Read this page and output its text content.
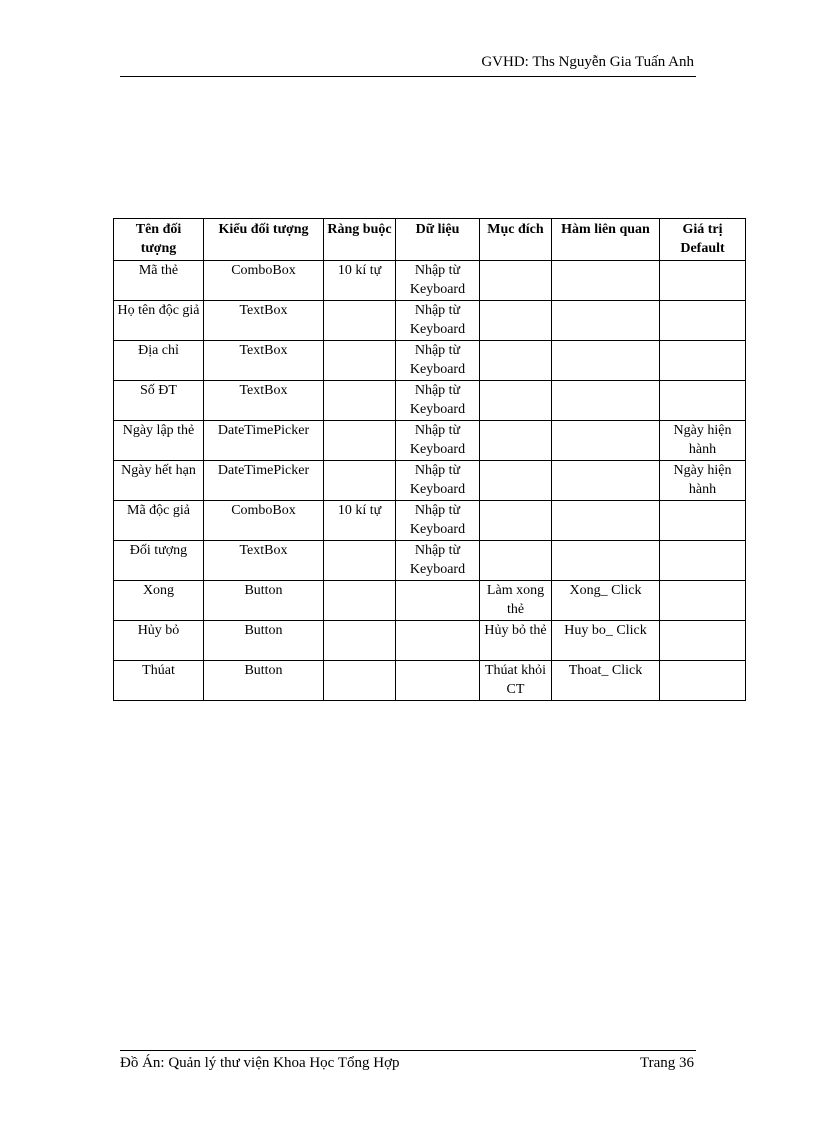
GVHD: Ths Nguyễn Gia Tuấn Anh
Tên đối tượng	Kiểu đối tượng	Ràng buộc	Dữ liệu	Mục đích	Hàm liên quan	Giá trị Default
Mã thẻ	ComboBox	10 kí tự	Nhập từ Keyboard			
Họ tên độc giả	TextBox		Nhập từ Keyboard			
Địa chỉ	TextBox		Nhập từ Keyboard			
Số ĐT	TextBox		Nhập từ Keyboard			
Ngày lập thẻ	DateTimePicker		Nhập từ Keyboard			Ngày hiện hành
Ngày hết hạn	DateTimePicker		Nhập từ Keyboard			Ngày hiện hành
Mã độc giả	ComboBox	10 kí tự	Nhập từ Keyboard			
Đối tượng	TextBox		Nhập từ Keyboard			
Xong	Button			Làm xong thẻ	Xong_ Click	
Hủy bỏ	Button			Hủy bỏ thẻ	Huy bo_ Click	
Thúat	Button			Thúat khỏi CT	Thoat_ Click	
Đồ Án: Quản lý thư viện Khoa Học Tổng Hợp	Trang 36
